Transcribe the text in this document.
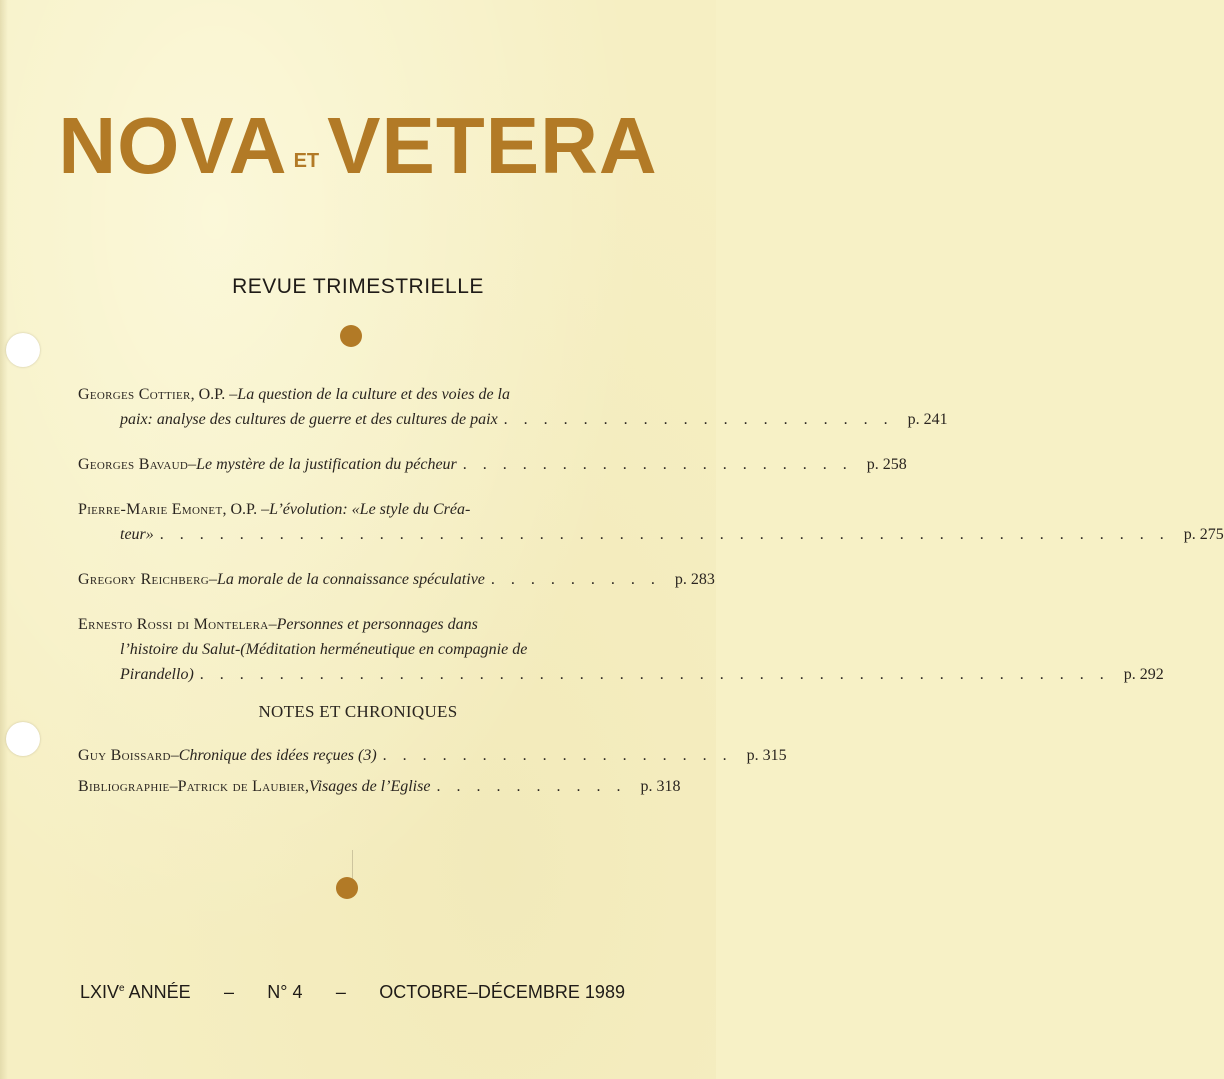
NOVA ET VETERA
REVUE TRIMESTRIELLE
Georges Cottier , O.P. – La question de la culture et des voies de la
paix: analyse des cultures de guerre et des cultures de paix . . . . . . . . . . . . . . . . . . . . p. 241
Georges Bavaud – Le mystère de la justification du pécheur . . . . . . . . . . . . . . . . . . . . p. 258
Pierre-Marie Emonet , O.P. – L’évolution: «Le style du Créa-
teur» . . . . . . . . . . . . . . . . . . . . . . . . . . . . . . . . . . . . . . . . . . . . . . . . . . . p. 275
Gregory Reichberg – La morale de la connaissance spéculative . . . . . . . . . p. 283
Ernesto Rossi di Montelera – Personnes et personnages dans
l’histoire du Salut - (Méditation herméneutique en compagnie de
Pirandello) . . . . . . . . . . . . . . . . . . . . . . . . . . . . . . . . . . . . . . . . . . . . . . p. 292
NOTES ET CHRONIQUES
Guy Boissard – Chronique des idées reçues (3) . . . . . . . . . . . . . . . . . . p. 315
Bibliographie – Patrick de Laubier , Visages de l’Eglise . . . . . . . . . . p. 318
LXIVe ANNÉE – N° 4 – OCTOBRE–DÉCEMBRE 1989
